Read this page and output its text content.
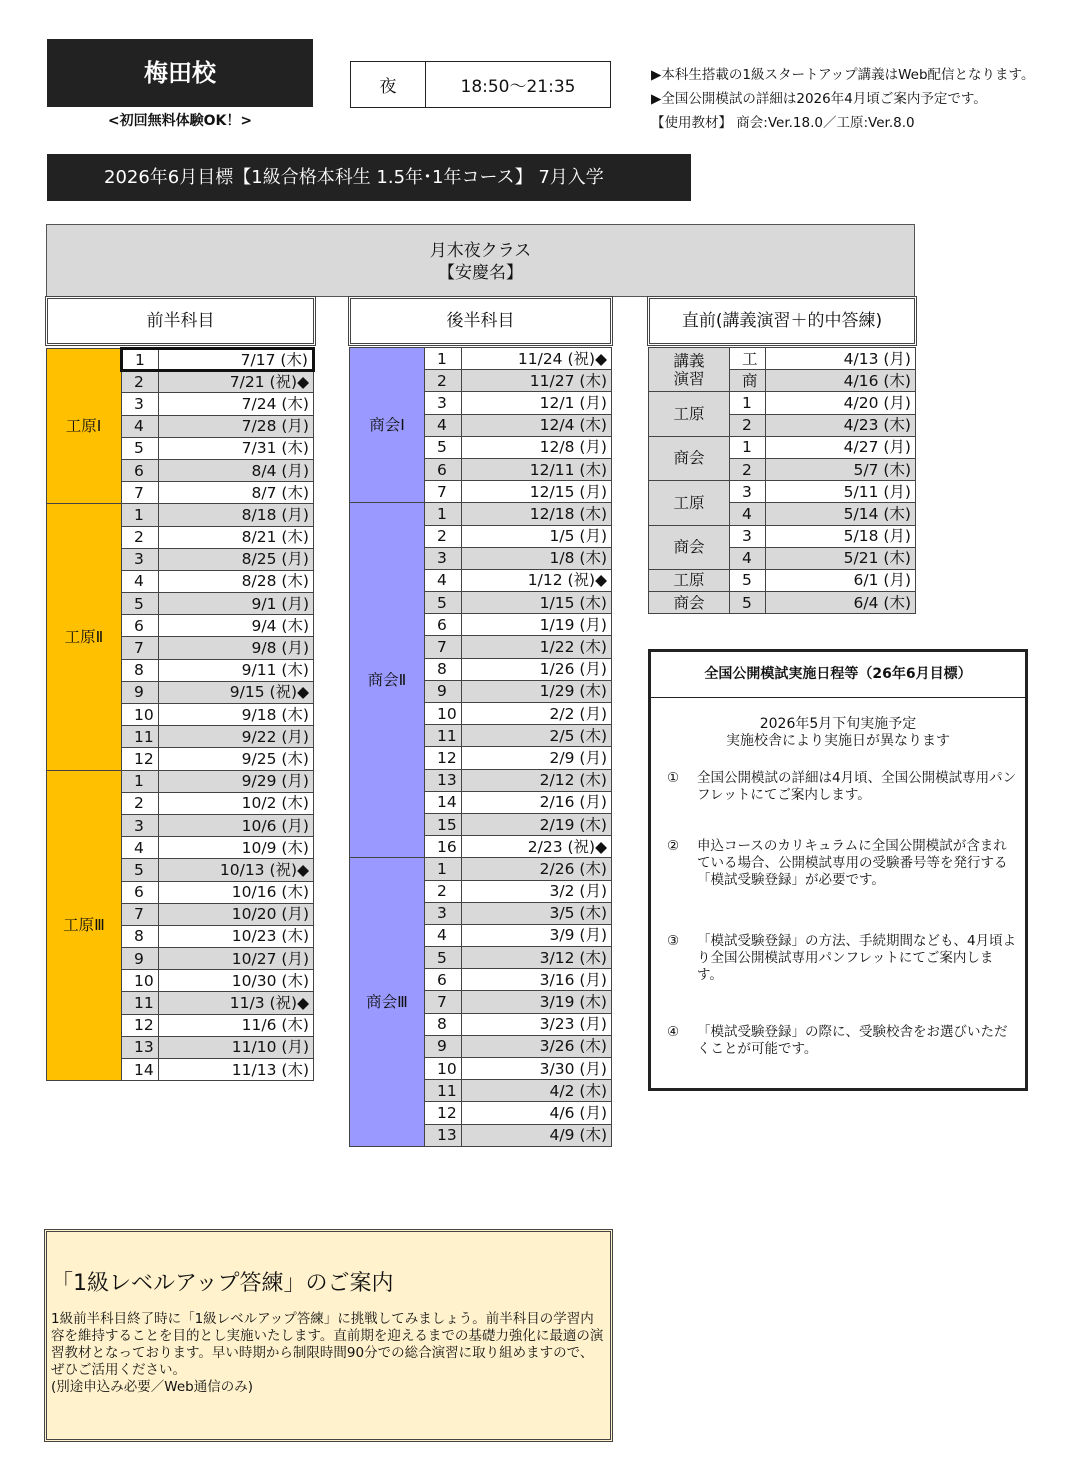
梅田校
<初回無料体験OK！>
夜	18:50～21:35
▶本科生搭載の1級スタートアップ講義はWeb配信となります。
▶全国公開模試の詳細は2026年4月頃ご案内予定です。
【使用教材】 商会:Ver.18.0／工原:Ver.8.0
2026年6月目標【1級合格本科生 1.5年･1年コース】 7月入学
月木夜クラス
【安慶名】
前半科目	後半科目	直前(講義演習＋的中答練)
工原Ⅰ	1	7/17 (木)
	2	7/21 (祝)◆
	3	7/24 (木)
	4	7/28 (月)
	5	7/31 (木)
	6	8/4 (月)
	7	8/7 (木)
工原Ⅱ	1	8/18 (月)
	2	8/21 (木)
	3	8/25 (月)
	4	8/28 (木)
	5	9/1 (月)
	6	9/4 (木)
	7	9/8 (月)
	8	9/11 (木)
	9	9/15 (祝)◆
	10	9/18 (木)
	11	9/22 (月)
	12	9/25 (木)
工原Ⅲ	1	9/29 (月)
	2	10/2 (木)
	3	10/6 (月)
	4	10/9 (木)
	5	10/13 (祝)◆
	6	10/16 (木)
	7	10/20 (月)
	8	10/23 (木)
	9	10/27 (月)
	10	10/30 (木)
	11	11/3 (祝)◆
	12	11/6 (木)
	13	11/10 (月)
	14	11/13 (木)
商会Ⅰ	1	11/24 (祝)◆
	2	11/27 (木)
	3	12/1 (月)
	4	12/4 (木)
	5	12/8 (月)
	6	12/11 (木)
	7	12/15 (月)
商会Ⅱ	1	12/18 (木)
	2	1/5 (月)
	3	1/8 (木)
	4	1/12 (祝)◆
	5	1/15 (木)
	6	1/19 (月)
	7	1/22 (木)
	8	1/26 (月)
	9	1/29 (木)
	10	2/2 (月)
	11	2/5 (木)
	12	2/9 (月)
	13	2/12 (木)
	14	2/16 (月)
	15	2/19 (木)
	16	2/23 (祝)◆
商会Ⅲ	1	2/26 (木)
	2	3/2 (月)
	3	3/5 (木)
	4	3/9 (月)
	5	3/12 (木)
	6	3/16 (月)
	7	3/19 (木)
	8	3/23 (月)
	9	3/26 (木)
	10	3/30 (月)
	11	4/2 (木)
	12	4/6 (月)
	13	4/9 (木)
講義
演習	工	4/13 (月)
	商	4/16 (木)
工原	1	4/20 (月)
	2	4/23 (木)
商会	1	4/27 (月)
	2	5/7 (木)
工原	3	5/11 (月)
	4	5/14 (木)
商会	3	5/18 (月)
	4	5/21 (木)
工原	5	6/1 (月)
商会	5	6/4 (木)
全国公開模試実施日程等（26年6月目標）
2026年5月下旬実施予定
実施校舎により実施日が異なります
①	全国公開模試の詳細は4月頃、全国公開模試専用パンフレットにてご案内します。
②	申込コースのカリキュラムに全国公開模試が含まれている場合、公開模試専用の受験番号等を発行する「模試受験登録」が必要です。
③	「模試受験登録」の方法、手続期間なども、4月頃より全国公開模試専用パンフレットにてご案内します。
④	「模試受験登録」の際に、受験校舎をお選びいただくことが可能です。
「1級レベルアップ答練」のご案内
1級前半科目終了時に「1級レベルアップ答練」に挑戦してみましょう。前半科目の学習内容を維持することを目的とし実施いたします。直前期を迎えるまでの基礎力強化に最適の演習教材となっております。早い時期から制限時間90分での総合演習に取り組めますので、ぜひご活用ください。
(別途申込み必要／Web通信のみ)
